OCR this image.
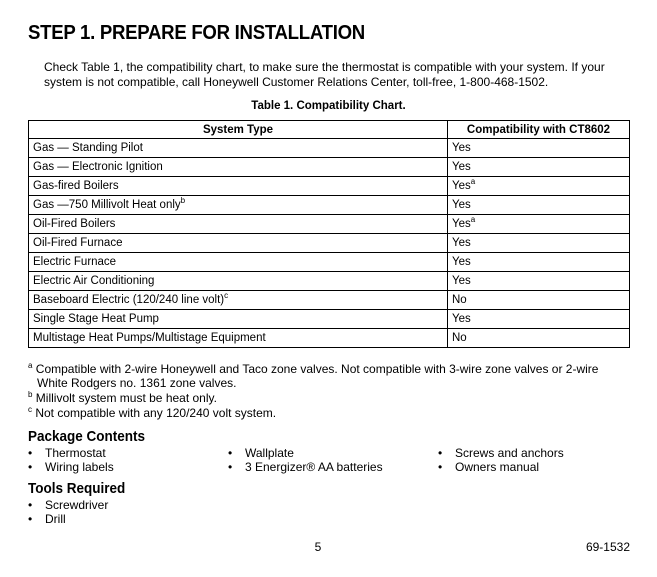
STEP 1. PREPARE FOR INSTALLATION
Check Table 1, the compatibility chart, to make sure the thermostat is compatible with your system. If your system is not compatible, call Honeywell Customer Relations Center, toll-free, 1-800-468-1502.
Table 1. Compatibility Chart.
System Type	Compatibility with CT8602
Gas — Standing Pilot	Yes
Gas — Electronic Ignition	Yes
Gas-fired Boilers	Yes$^a$
Gas —750 Millivolt Heat only$^b$	Yes
Oil-Fired Boilers	Yes$^a$
Oil-Fired Furnace	Yes
Electric Furnace	Yes
Electric Air Conditioning	Yes
Baseboard Electric (120/240 line volt)$^c$	No
Single Stage Heat Pump	Yes
Multistage Heat Pumps/Multistage Equipment	No
$^a$ Compatible with 2-wire Honeywell and Taco zone valves. Not compatible with 3-wire zone valves or 2-wire White Rodgers no. 1361 zone valves.
$^b$ Millivolt system must be heat only.
$^c$ Not compatible with any 120/240 volt system.
Package Contents
• Thermostat
• Wiring labels
• Wallplate
• 3 Energizer® AA batteries
• Screws and anchors
• Owners manual
Tools Required
• Screwdriver
• Drill
5	69-1532
